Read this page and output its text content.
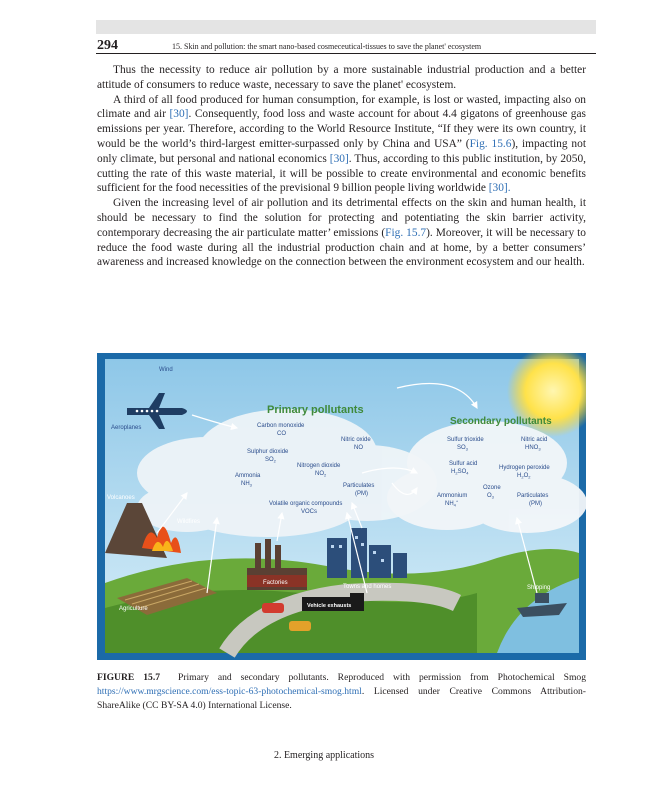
294	15. Skin and pollution: the smart nano-based cosmeceutical-tissues to save the planet' ecosystem

Thus the necessity to reduce air pollution by a more sustainable industrial production and a better attitude of consumers to reduce waste, necessary to save the planet' ecosystem.

A third of all food produced for human consumption, for example, is lost or wasted, impacting also on climate and air [30]. Consequently, food loss and waste account for about 4.4 gigatons of greenhouse gas emissions per year. Therefore, according to the World Resource Institute, “If they were its own country, it would be the world’s third-largest emitter-surpassed only by China and USA” (Fig. 15.6), impacting not only climate, but personal and national economics [30]. Thus, according to this public institution, by 2050, cutting the rate of this waste material, it will be possible to create environmental and economic benefits sufficient for the food necessities of the previsional 9 billion people living worldwide [30].

Given the increasing level of air pollution and its detrimental effects on the skin and human health, it should be necessary to find the solution for protecting and potentiating the skin barrier activity, contemporary decreasing the air particulate matter’ emissions (Fig. 15.7). Moreover, it will be necessary to reduce the food waste during all the industrial production chain and at home, by a better consumers’ awareness and increased knowledge on the connection between the environment ecosystem and our health.

Wind
Aeroplanes
Volcanoes
Wildfires
Agriculture
Factories
Towns and homes
Vehicle exhausts
Shipping
Primary pollutants
Secondary pollutants
Carbon monoxide
CO
Nitric oxide
NO
Sulphur dioxide
$SO_2$
Nitrogen dioxide
$NO_2$
Ammonia
$NH_3$	Particulates
(PM)
Volatile organic compounds
VOCs
Sulfur trioxide
$SO_3$
Nitric acid
$HNO_3$
Sulfur acid
$H_2SO_4$
Hydrogen peroxide
$H_2O_2$
Ozone
$O_3$
Ammonium
$NH_4^+$
Particulates
(PM)
FIGURE 15.7 Primary and secondary pollutants. Reproduced with permission from Photochemical Smog https://www.mrgscience.com/ess-topic-63-photochemical-smog.html. Licensed under Creative Commons Attribution-ShareAlike (CC BY-SA 4.0) International License.
2. Emerging applications
